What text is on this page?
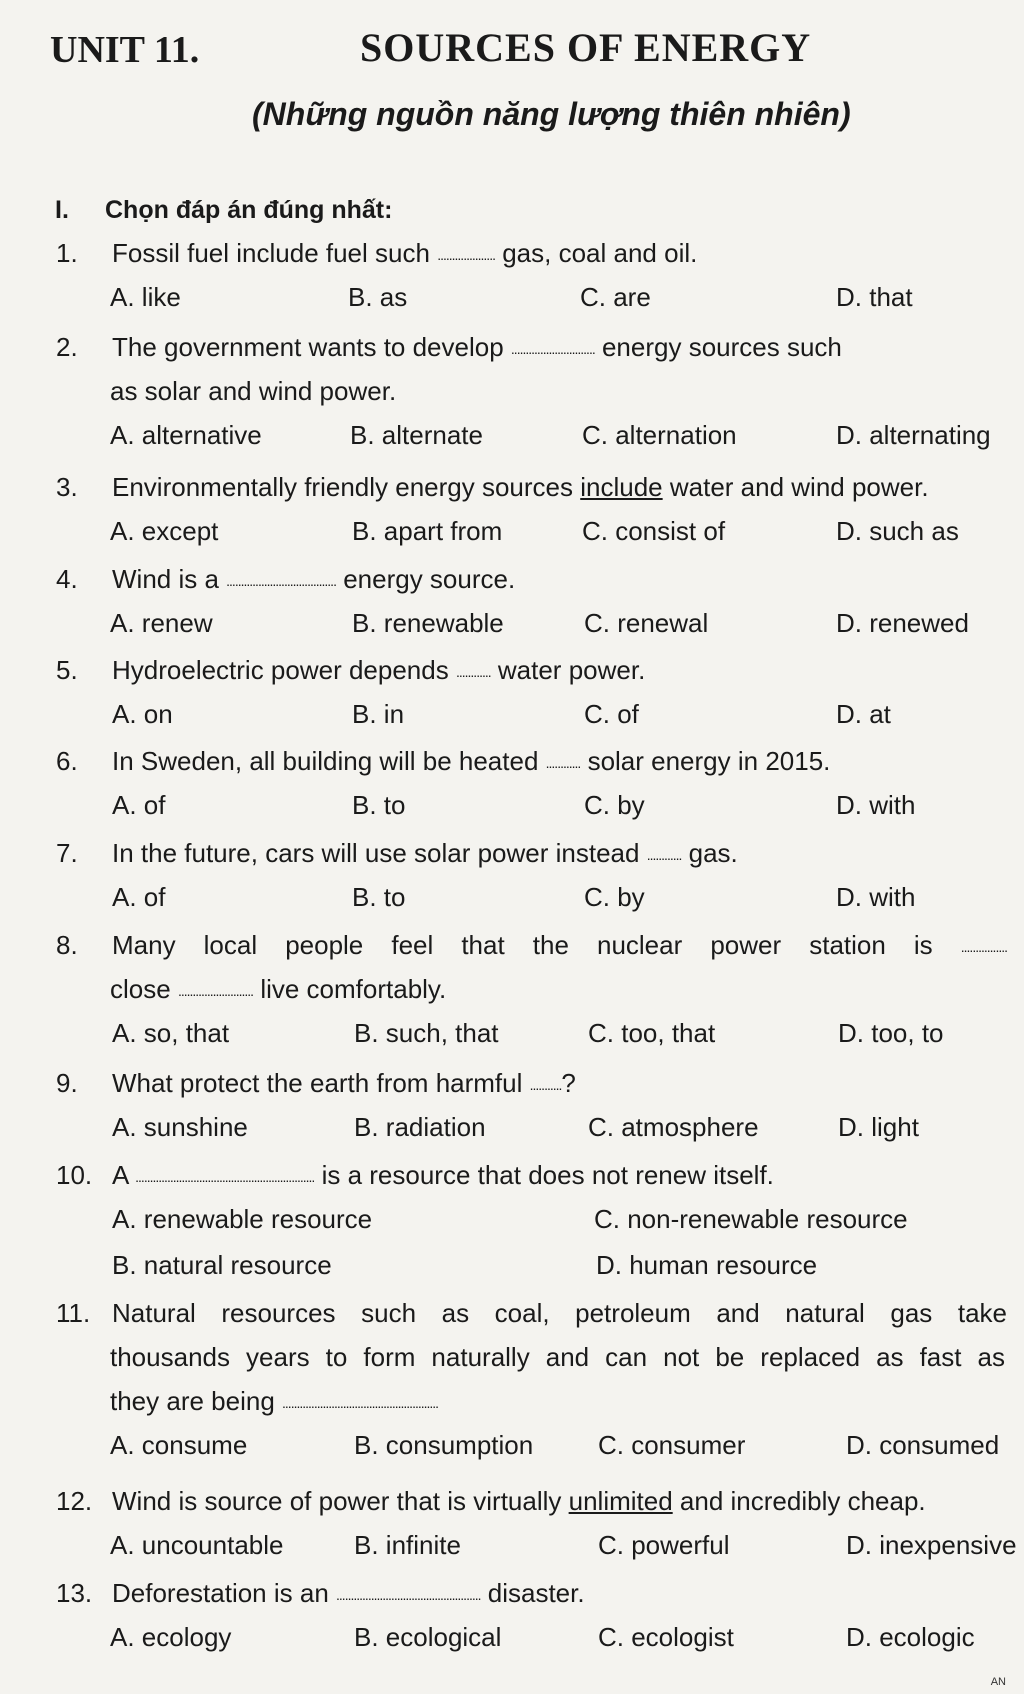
UNIT 11.	SOURCES OF ENERGY
(Những nguồn năng lượng thiên nhiên)
I. Chọn đáp án đúng nhất:
1. Fossil fuel include fuel such .................... gas, coal and oil.
A. like	B. as	C. are	D. that
2. The government wants to develop ............................. energy sources such
as solar and wind power.
A. alternative	B. alternate	C. alternation	D. alternating
3. Environmentally friendly energy sources include water and wind power.
A. except	B. apart from	C. consist of	D. such as
4. Wind is a ...................................... energy source.
A. renew	B. renewable	C. renewal	D. renewed
5. Hydroelectric power depends ............ water power.
A. on	B. in	C. of	D. at
6. In Sweden, all building will be heated ............ solar energy in 2015.
A. of	B. to	C. by	D. with
7. In the future, cars will use solar power instead ............ gas.
A. of	B. to	C. by	D. with
8. Many local people feel that the nuclear power station is ................
close .......................... live comfortably.
A. so, that	B. such, that	C. too, that	D. too, to
9. What protect the earth from harmful ...........?
A. sunshine	B. radiation	C. atmosphere	D. light
10. A .............................................................. is a resource that does not renew itself.
A. renewable resource	C. non-renewable resource
B. natural resource	D. human resource
11. Natural resources such as coal, petroleum and natural gas take
thousands years to form naturally and can not be replaced as fast as
they are being ......................................................
A. consume	B. consumption C. consumer	D. consumed
12. Wind is source of power that is virtually unlimited and incredibly cheap.
A. uncountable	B. infinite	C. powerful	D. inexpensive
13. Deforestation is an .................................................. disaster.
A. ecology	B. ecological	C. ecologist	D. ecologic
AN
